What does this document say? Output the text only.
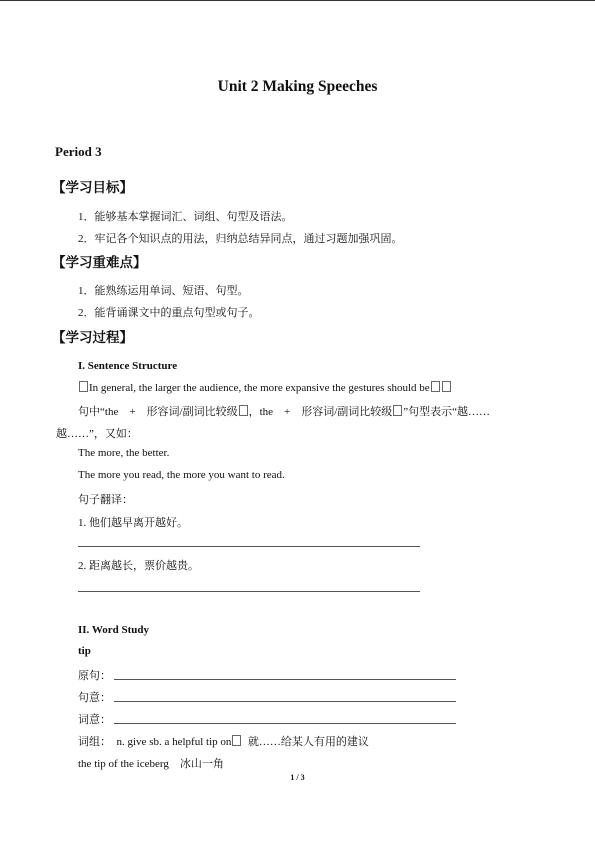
Unit 2 Making Speeches
Period 3
【学习目标】
1．能够基本掌握词汇、词组、句型及语法。
2．牢记各个知识点的用法，归纳总结异同点，通过习题加强巩固。
【学习重难点】
1．能熟练运用单词、短语、句型。
2．能背诵课文中的重点句型或句子。
【学习过程】
I. Sentence Structure
In general, the larger the audience, the more expansive the gestures should be
句中“the　+　形容词/副词比较级 ，the　+　形容词/副词比较级 ”句型表示“越……
越……”，又如：
The more, the better.
The more you read, the more you want to read.
句子翻译：
1. 他们越早离开越好。
2. 距离越长，票价越贵。
II. Word Study
tip
原句：
句意：
词意：
词组： n. give sb. a helpful tip on 就……给某人有用的建议
the tip of the iceberg 冰山一角
1 / 3
